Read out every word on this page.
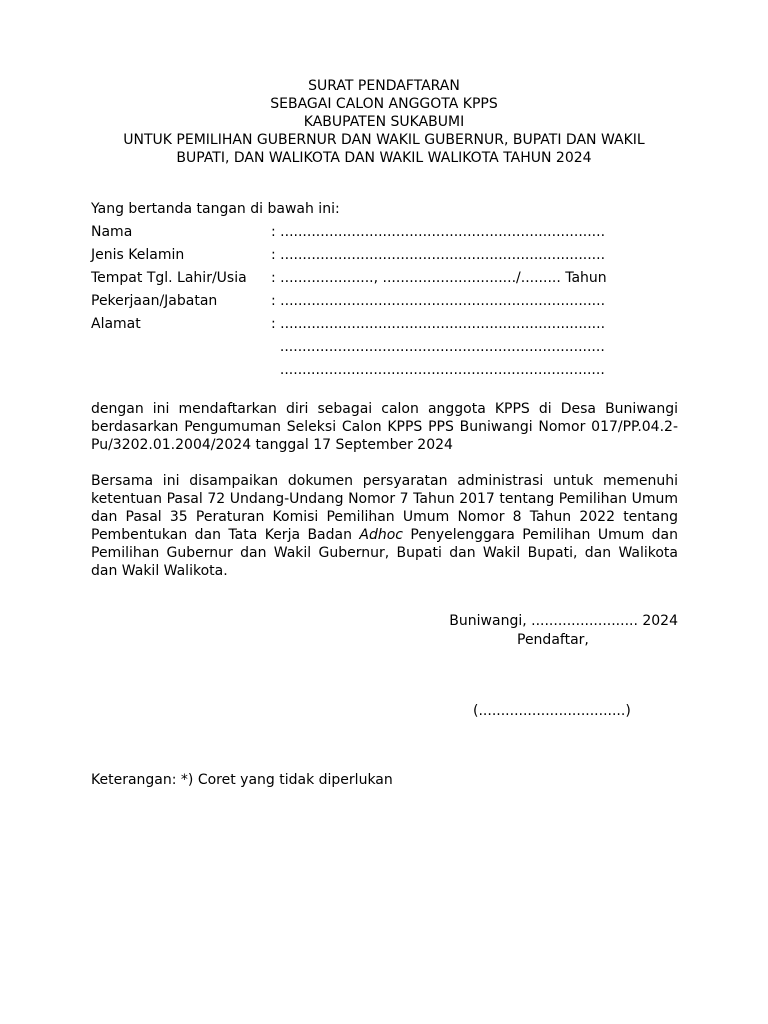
SURAT PENDAFTARAN
SEBAGAI CALON ANGGOTA KPPS
KABUPATEN SUKABUMI
UNTUK PEMILIHAN GUBERNUR DAN WAKIL GUBERNUR, BUPATI DAN WAKIL
BUPATI, DAN WALIKOTA DAN WAKIL WALIKOTA TAHUN 2024
Yang bertanda tangan di bawah ini:
Nama	: .........................................................................
Jenis Kelamin	: .........................................................................
Tempat Tgl. Lahir/Usia : ....................., ............................../......... Tahun
Pekerjaan/Jabatan	: .........................................................................
Alamat	: .........................................................................
.........................................................................
.........................................................................
dengan ini mendaftarkan diri sebagai calon anggota KPPS di Desa Buniwangi berdasarkan Pengumuman Seleksi Calon KPPS PPS Buniwangi Nomor 017/PP.04.2-Pu/3202.01.2004/2024 tanggal 17 September 2024
Bersama ini disampaikan dokumen persyaratan administrasi untuk memenuhi ketentuan Pasal 72 Undang-Undang Nomor 7 Tahun 2017 tentang Pemilihan Umum dan Pasal 35 Peraturan Komisi Pemilihan Umum Nomor 8 Tahun 2022 tentang Pembentukan dan Tata Kerja Badan Adhoc Penyelenggara Pemilihan Umum dan Pemilihan Gubernur dan Wakil Gubernur, Bupati dan Wakil Bupati, dan Walikota dan Wakil Walikota.
Buniwangi, ........................ 2024
Pendaftar,
(.................................)
Keterangan: *) Coret yang tidak diperlukan
